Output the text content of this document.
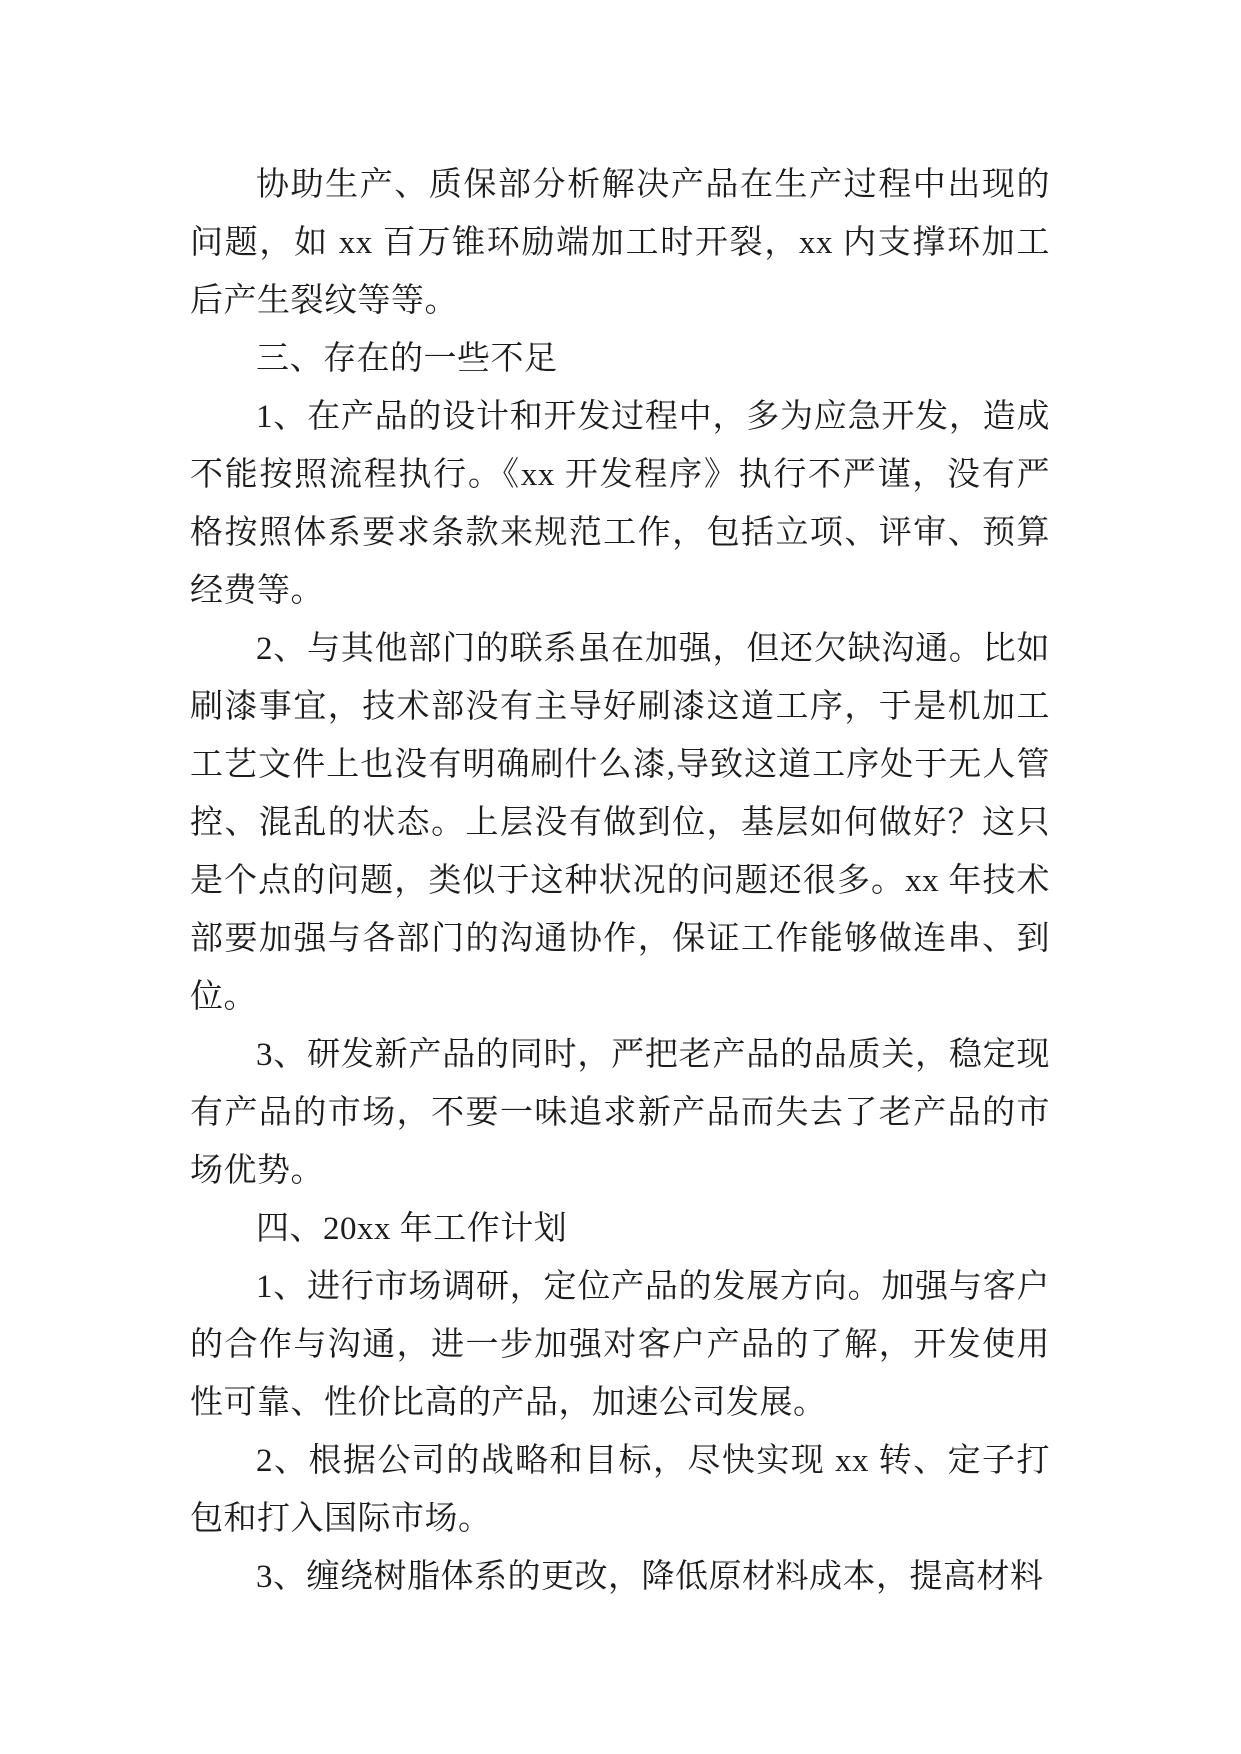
协助生产、质保部分析解决产品在生产过程中出现的问题，如 xx 百万锥环励端加工时开裂，xx 内支撑环加工后产生裂纹等等。

三、存在的一些不足

1、在产品的设计和开发过程中，多为应急开发，造成不能按照流程执行。《xx 开发程序》执行不严谨，没有严格按照体系要求条款来规范工作，包括立项、评审、预算经费等。

2、与其他部门的联系虽在加强，但还欠缺沟通。比如刷漆事宜，技术部没有主导好刷漆这道工序，于是机加工工艺文件上也没有明确刷什么漆,导致这道工序处于无人管控、混乱的状态。上层没有做到位，基层如何做好？这只是个点的问题，类似于这种状况的问题还很多。xx 年技术部要加强与各部门的沟通协作，保证工作能够做连串、到位。

3、研发新产品的同时，严把老产品的品质关，稳定现有产品的市场，不要一味追求新产品而失去了老产品的市场优势。

四、20xx 年工作计划

1、进行市场调研，定位产品的发展方向。加强与客户的合作与沟通，进一步加强对客户产品的了解，开发使用性可靠、性价比高的产品，加速公司发展。

2、根据公司的战略和目标，尽快实现 xx 转、定子打包和打入国际市场。

3、缠绕树脂体系的更改，降低原材料成本，提高材料
